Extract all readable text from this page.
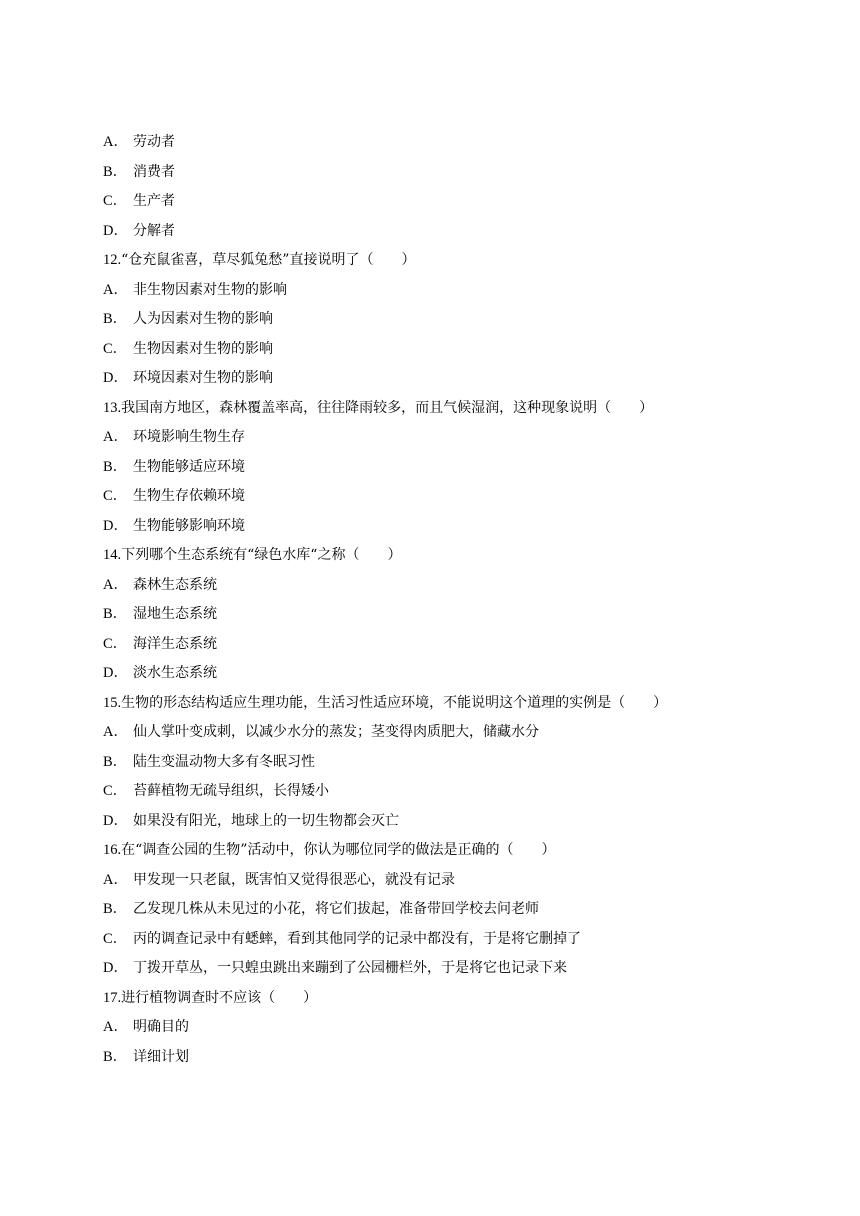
A． 劳动者
B． 消费者
C． 生产者
D． 分解者
12.“仓充鼠雀喜，草尽狐兔愁”直接说明了（　　）
A． 非生物因素对生物的影响
B． 人为因素对生物的影响
C． 生物因素对生物的影响
D． 环境因素对生物的影响
13.我国南方地区，森林覆盖率高，往往降雨较多，而且气候湿润，这种现象说明（　　）
A． 环境影响生物生存
B． 生物能够适应环境
C． 生物生存依赖环境
D． 生物能够影响环境
14.下列哪个生态系统有“绿色水库“之称（　　）
A． 森林生态系统
B． 湿地生态系统
C． 海洋生态系统
D． 淡水生态系统
15.生物的形态结构适应生理功能，生活习性适应环境，不能说明这个道理的实例是（　　）
A． 仙人掌叶变成刺，以减少水分的蒸发；茎变得肉质肥大，储藏水分
B． 陆生变温动物大多有冬眠习性
C． 苔藓植物无疏导组织，长得矮小
D． 如果没有阳光，地球上的一切生物都会灭亡
16.在“调查公园的生物”活动中，你认为哪位同学的做法是正确的（　　）
A． 甲发现一只老鼠，既害怕又觉得很恶心，就没有记录
B． 乙发现几株从未见过的小花，将它们拔起，准备带回学校去问老师
C． 丙的调查记录中有蟋蟀，看到其他同学的记录中都没有，于是将它删掉了
D． 丁拨开草丛，一只蝗虫跳出来蹦到了公园栅栏外，于是将它也记录下来
17.进行植物调查时不应该（　　）
A． 明确目的
B． 详细计划
